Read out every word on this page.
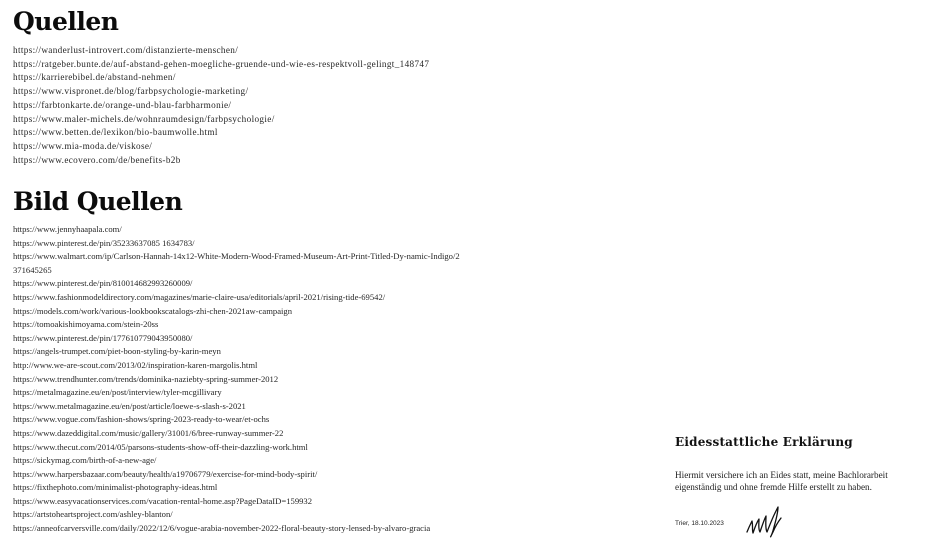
Quellen
https://wanderlust-introvert.com/distanzierte-menschen/
https://ratgeber.bunte.de/auf-abstand-gehen-moegliche-gruende-und-wie-es-respektvoll-gelingt_148747
https://karrierebibel.de/abstand-nehmen/
https://www.vispronet.de/blog/farbpsychologie-marketing/
https://farbtonkarte.de/orange-und-blau-farbharmonie/
https://www.maler-michels.de/wohnraumdesign/farbpsychologie/
https://www.betten.de/lexikon/bio-baumwolle.html
https://www.mia-moda.de/viskose/
https://www.ecovero.com/de/benefits-b2b
Bild Quellen
https://www.jennyhaapala.com/
https://www.pinterest.de/pin/35233637085 1634783/
https://www.walmart.com/ip/Carlson-Hannah-14x12-White-Modern-Wood-Framed-Museum-Art-Print-Titled-Dy-namic-Indigo/2371645265
https://www.pinterest.de/pin/810014682993260009/
https://www.fashionmodeldirectory.com/magazines/marie-claire-usa/editorials/april-2021/rising-tide-69542/
https://models.com/work/various-lookbookscatalogs-zhi-chen-2021aw-campaign
https://tomoakishimoyama.com/stein-20ss
https://www.pinterest.de/pin/177610779043950080/
https://angels-trumpet.com/piet-boon-styling-by-karin-meyn
http://www.we-are-scout.com/2013/02/inspiration-karen-margolis.html
https://www.trendhunter.com/trends/dominika-naziebty-spring-summer-2012
https://metalmagazine.eu/en/post/interview/tyler-mcgillivary
https://www.metalmagazine.eu/en/post/article/loewe-s-slash-s-2021
https://www.vogue.com/fashion-shows/spring-2023-ready-to-wear/et-ochs
https://www.dazeddigital.com/music/gallery/31001/6/bree-runway-summer-22
https://www.thecut.com/2014/05/parsons-students-show-off-their-dazzling-work.html
https://sickymag.com/birth-of-a-new-age/
https://www.harpersbazaar.com/beauty/health/a19706779/exercise-for-mind-body-spirit/
https://fixthephoto.com/minimalist-photography-ideas.html
https://www.easyvacationservices.com/vacation-rental-home.asp?PageDataID=159932
https://artstoheartsproject.com/ashley-blanton/
https://anneofcarversville.com/daily/2022/12/6/vogue-arabia-november-2022-floral-beauty-story-lensed-by-alvaro-gracia
Eidesstattliche Erklärung

Hiermit versichere ich an Eides statt, meine Bachlorarbeit eigenständig und ohne fremde Hilfe erstellt zu haben.

Trier, 18.10.2023
